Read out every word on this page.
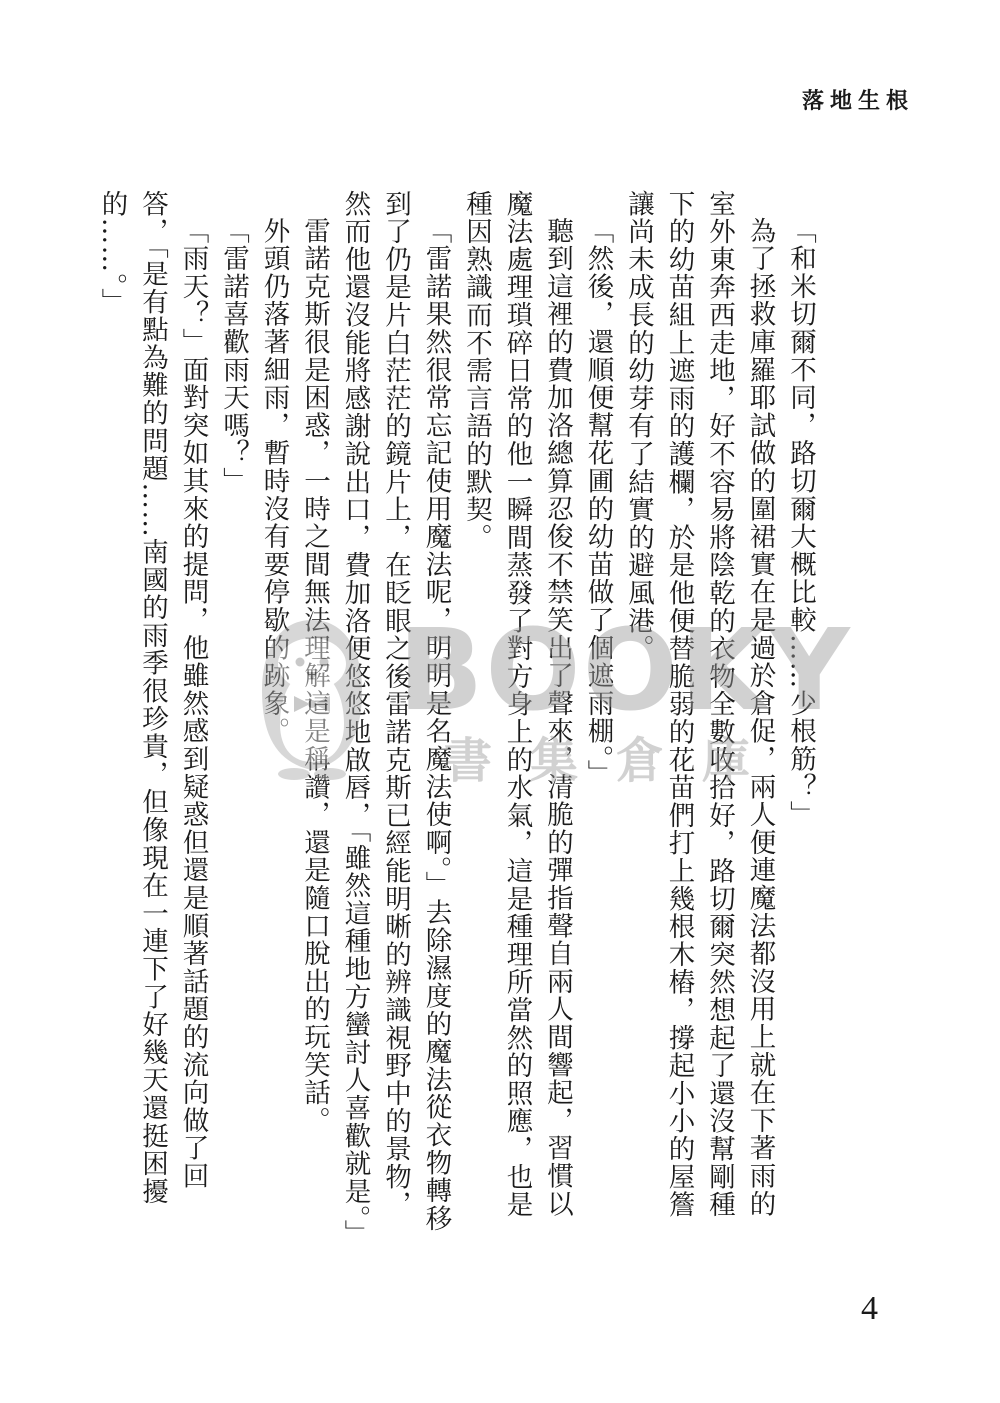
落地生根

「和米切爾不同，路切爾大概比較……少根筋？」

為了拯救庫羅耶試做的圍裙實在是過於倉促，兩人便連魔法都沒用上就在下著雨的室外東奔西走地，好不容易將陰乾的衣物全數收拾好，路切爾突然想起了還沒幫剛種下的幼苗組上遮雨的護欄，於是他便替脆弱的花苗們打上幾根木樁，撐起小小的屋簷讓尚未成長的幼芽有了結實的避風港。

「然後，還順便幫花圃的幼苗做了個遮雨棚。」

聽到這裡的費加洛總算忍俊不禁笑出了聲來，清脆的彈指聲自兩人間響起，習慣以魔法處理瑣碎日常的他一瞬間蒸發了對方身上的水氣，這是種理所當然的照應，也是種因熟識而不需言語的默契。

「雷諾果然很常忘記使用魔法呢，明明是名魔法使啊。」去除濕度的魔法從衣物轉移到了仍是片白茫茫的鏡片上，在眨眼之後雷諾克斯已經能明晰的辨識視野中的景物，然而他還沒能將感謝說出口，費加洛便悠悠地啟唇，「雖然這種地方蠻討人喜歡就是。」

雷諾克斯很是困惑，一時之間無法理解這是稱讚，還是隨口脫出的玩笑話。

外頭仍落著細雨，暫時沒有要停歇的跡象。

「雷諾喜歡雨天嗎？」

「雨天？」面對突如其來的提問，他雖然感到疑惑但還是順著話題的流向做了回答，「是有點為難的問題……南國的雨季很珍貴，但像現在一連下了好幾天還挺困擾的……。」

BOOKY
書集倉庫
4
